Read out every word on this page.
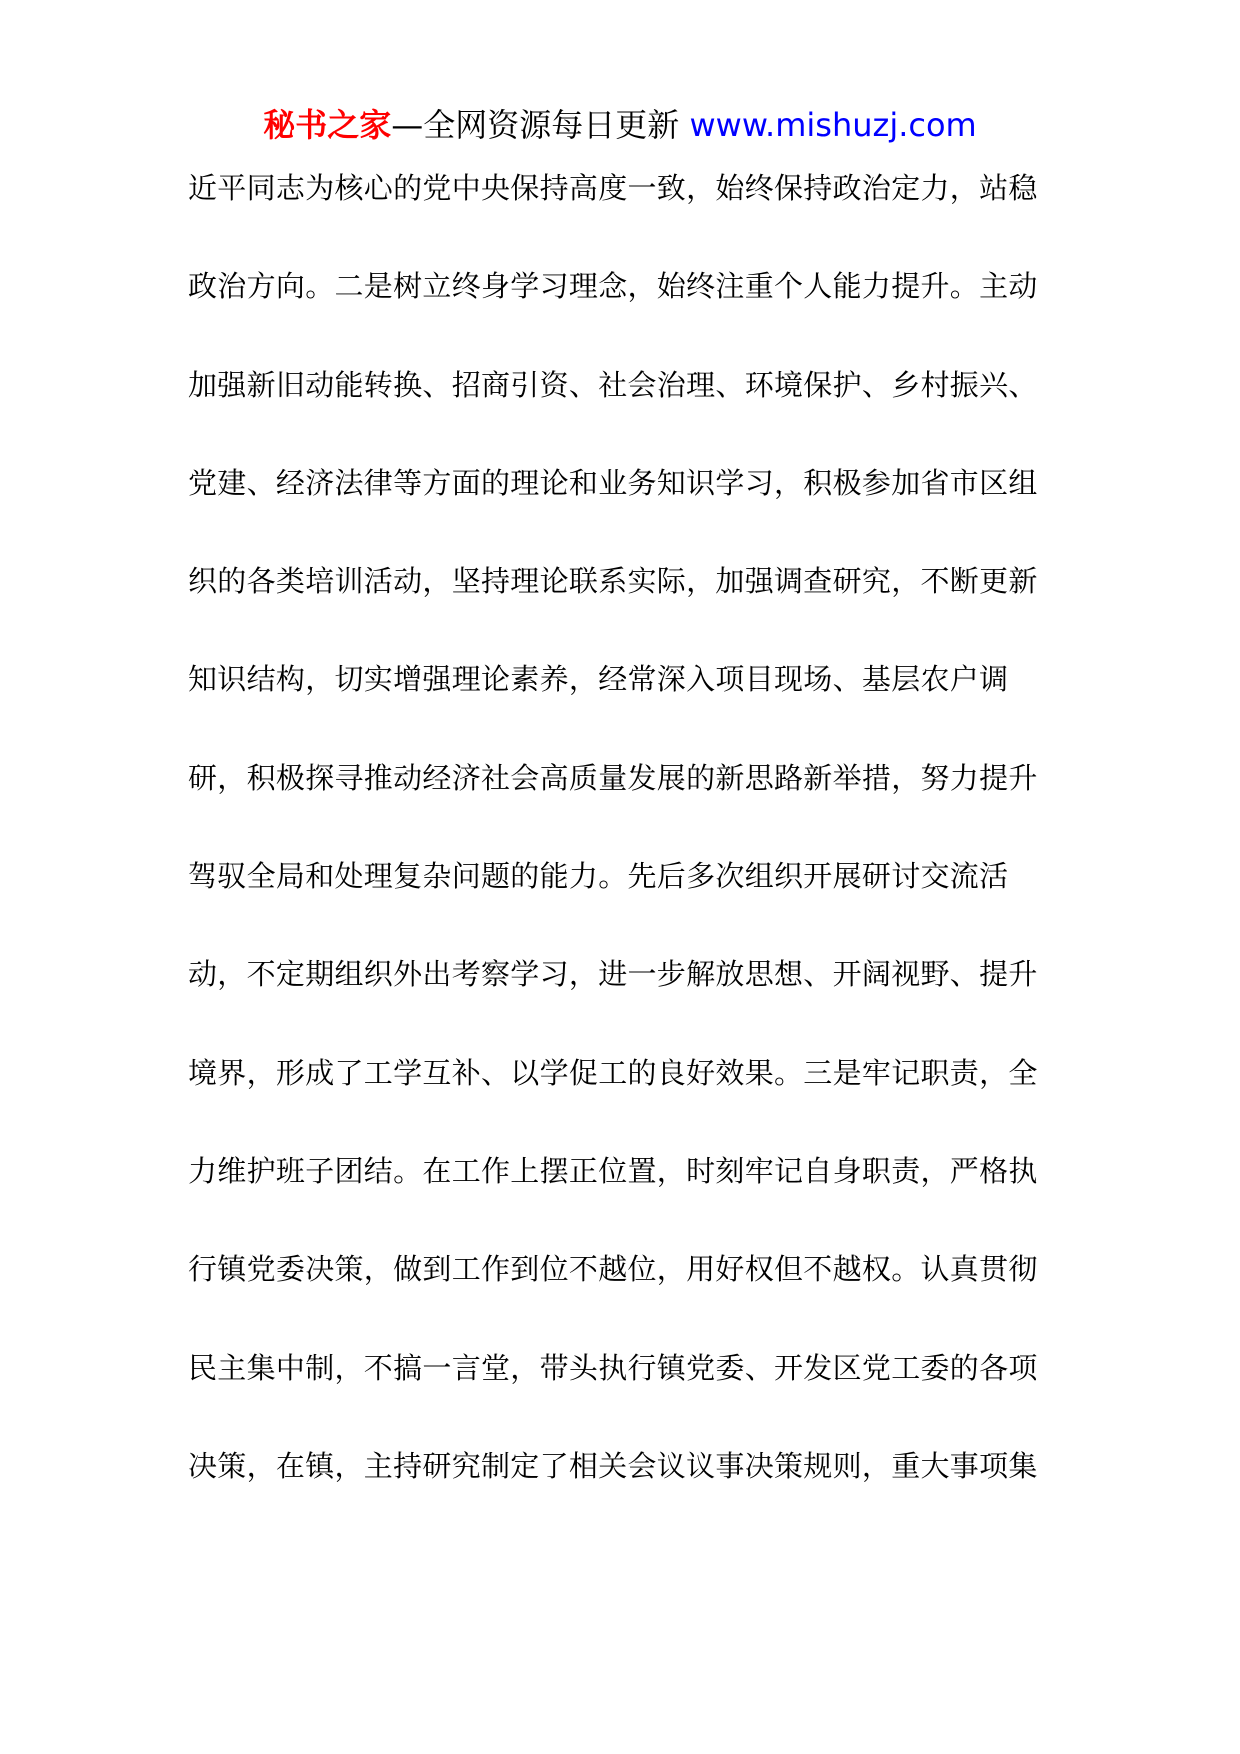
秘书之家—全网资源每日更新 www.mishuzj.com
近平同志为核心的党中央保持高度一致，始终保持政治定力，站稳
政治方向。二是树立终身学习理念，始终注重个人能力提升。主动
加强新旧动能转换、招商引资、社会治理、环境保护、乡村振兴、
党建、经济法律等方面的理论和业务知识学习，积极参加省市区组
织的各类培训活动，坚持理论联系实际，加强调查研究，不断更新
知识结构，切实增强理论素养，经常深入项目现场、基层农户调
研，积极探寻推动经济社会高质量发展的新思路新举措，努力提升
驾驭全局和处理复杂问题的能力。先后多次组织开展研讨交流活
动，不定期组织外出考察学习，进一步解放思想、开阔视野、提升
境界，形成了工学互补、以学促工的良好效果。三是牢记职责，全
力维护班子团结。在工作上摆正位置，时刻牢记自身职责，严格执
行镇党委决策，做到工作到位不越位，用好权但不越权。认真贯彻
民主集中制，不搞一言堂，带头执行镇党委、开发区党工委的各项
决策，在镇，主持研究制定了相关会议议事决策规则，重大事项集
